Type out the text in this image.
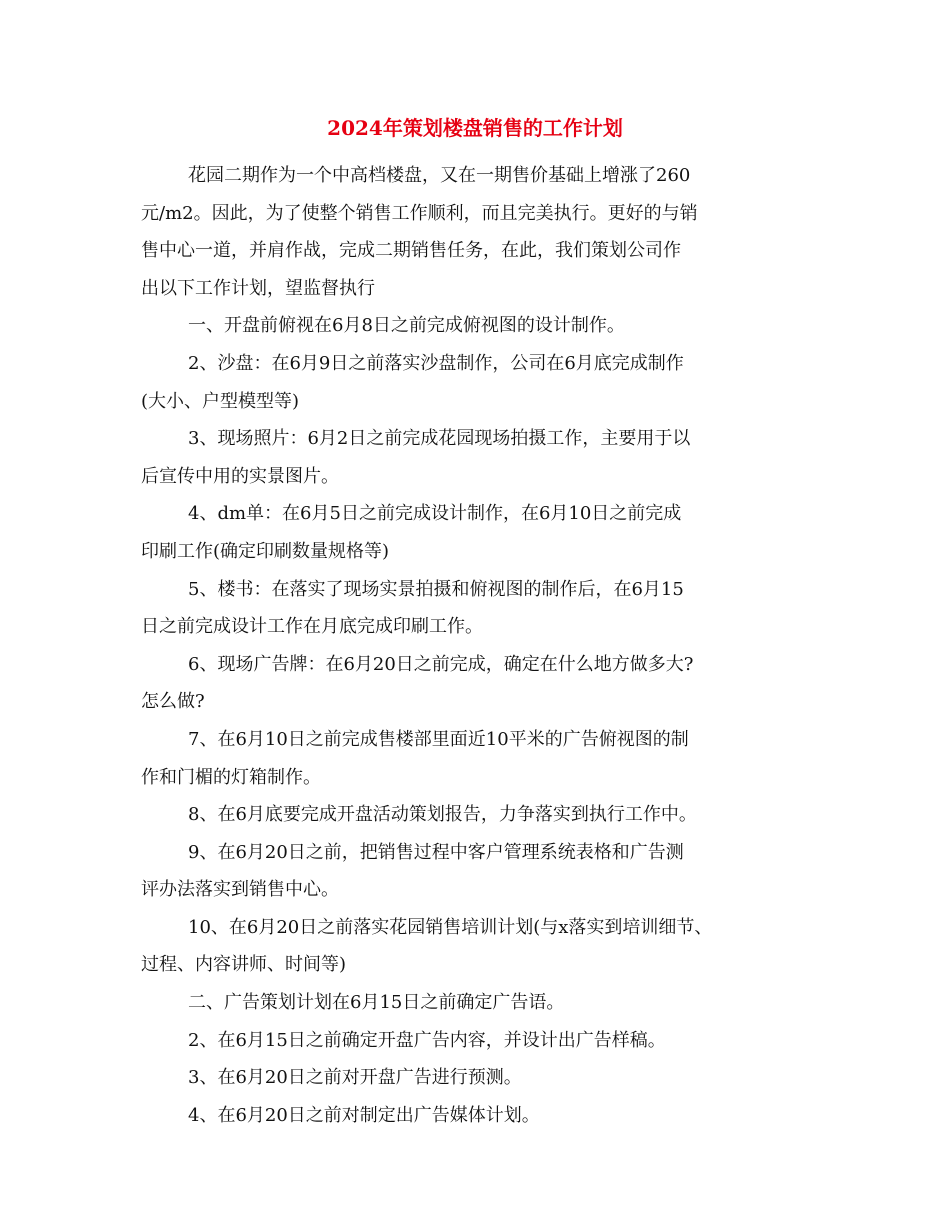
2024年策划楼盘销售的工作计划
花园二期作为一个中高档楼盘，又在一期售价基础上增涨了260
元/m2。因此，为了使整个销售工作顺利，而且完美执行。更好的与销
售中心一道，并肩作战，完成二期销售任务，在此，我们策划公司作
出以下工作计划，望监督执行
一、开盘前俯视在6月8日之前完成俯视图的设计制作。
2、沙盘：在6月9日之前落实沙盘制作，公司在6月底完成制作
(大小、户型模型等)
3、现场照片：6月2日之前完成花园现场拍摄工作，主要用于以
后宣传中用的实景图片。
4、dm单：在6月5日之前完成设计制作，在6月10日之前完成
印刷工作(确定印刷数量规格等)
5、楼书：在落实了现场实景拍摄和俯视图的制作后，在6月15
日之前完成设计工作在月底完成印刷工作。
6、现场广告牌：在6月20日之前完成，确定在什么地方做多大?
怎么做?
7、在6月10日之前完成售楼部里面近10平米的广告俯视图的制
作和门楣的灯箱制作。
8、在6月底要完成开盘活动策划报告，力争落实到执行工作中。
9、在6月20日之前，把销售过程中客户管理系统表格和广告测
评办法落实到销售中心。
10、在6月20日之前落实花园销售培训计划(与x落实到培训细节、
过程、内容讲师、时间等)
二、广告策划计划在6月15日之前确定广告语。
2、在6月15日之前确定开盘广告内容，并设计出广告样稿。
3、在6月20日之前对开盘广告进行预测。
4、在6月20日之前对制定出广告媒体计划。
